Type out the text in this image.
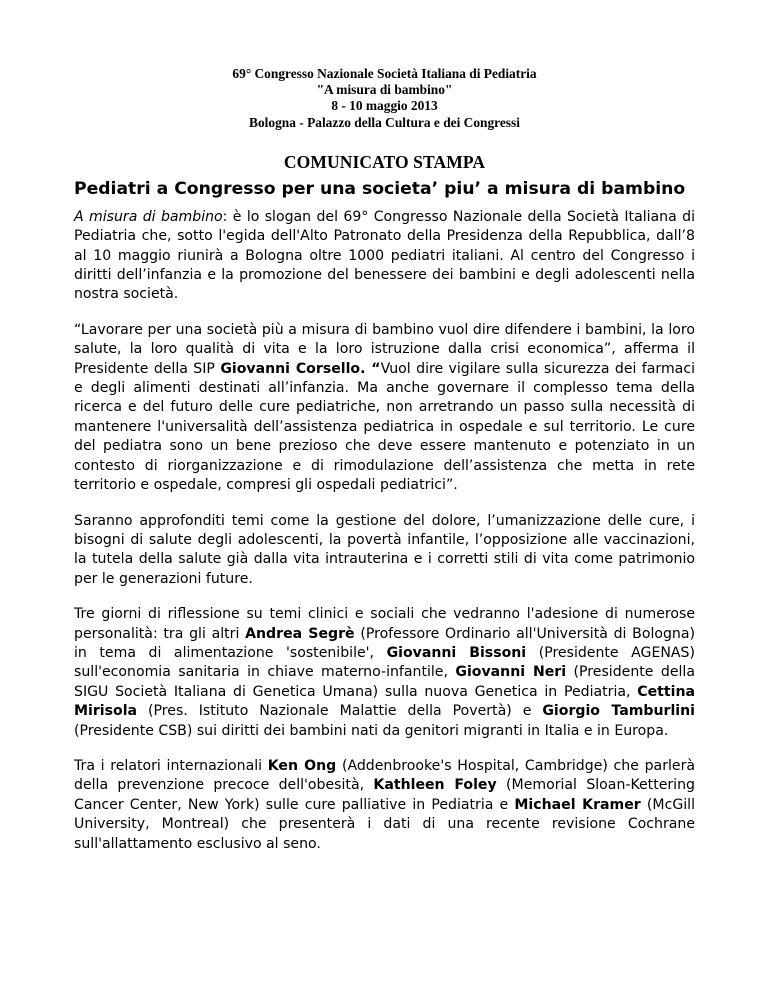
69° Congresso Nazionale Società Italiana di Pediatria
"A misura di bambino"
8 - 10 maggio 2013
Bologna - Palazzo della Cultura e dei Congressi
COMUNICATO STAMPA
Pediatri a Congresso per una societa’ piu’ a misura di bambino

A misura di bambino: è lo slogan del 69° Congresso Nazionale della Società Italiana di Pediatria che, sotto l'egida dell'Alto Patronato della Presidenza della Repubblica, dall’8 al 10 maggio riunirà a Bologna oltre 1000 pediatri italiani. Al centro del Congresso i diritti dell’infanzia e la promozione del benessere dei bambini e degli adolescenti nella nostra società.

“Lavorare per una società più a misura di bambino vuol dire difendere i bambini, la loro salute, la loro qualità di vita e la loro istruzione dalla crisi economica”, afferma il Presidente della SIP Giovanni Corsello. “Vuol dire vigilare sulla sicurezza dei farmaci e degli alimenti destinati all’infanzia. Ma anche governare il complesso tema della ricerca e del futuro delle cure pediatriche, non arretrando un passo sulla necessità di mantenere l'universalità dell’assistenza pediatrica in ospedale e sul territorio. Le cure del pediatra sono un bene prezioso che deve essere mantenuto e potenziato in un contesto di riorganizzazione e di rimodulazione dell’assistenza che metta in rete territorio e ospedale, compresi gli ospedali pediatrici”.

Saranno approfonditi temi come la gestione del dolore, l’umanizzazione delle cure, i bisogni di salute degli adolescenti, la povertà infantile, l’opposizione alle vaccinazioni, la tutela della salute già dalla vita intrauterina e i corretti stili di vita come patrimonio per le generazioni future.

Tre giorni di riflessione su temi clinici e sociali che vedranno l'adesione di numerose personalità: tra gli altri Andrea Segrè (Professore Ordinario all'Università di Bologna) in tema di alimentazione 'sostenibile', Giovanni Bissoni (Presidente AGENAS) sull'economia sanitaria in chiave materno-infantile, Giovanni Neri (Presidente della SIGU Società Italiana di Genetica Umana) sulla nuova Genetica in Pediatria, Cettina Mirisola (Pres. Istituto Nazionale Malattie della Povertà) e Giorgio Tamburlini (Presidente CSB) sui diritti dei bambini nati da genitori migranti in Italia e in Europa.

Tra i relatori internazionali Ken Ong (Addenbrooke's Hospital, Cambridge) che parlerà della prevenzione precoce dell'obesità, Kathleen Foley (Memorial Sloan-Kettering Cancer Center, New York) sulle cure palliative in Pediatria e Michael Kramer (McGill University, Montreal) che presenterà i dati di una recente revisione Cochrane sull'allattamento esclusivo al seno.
